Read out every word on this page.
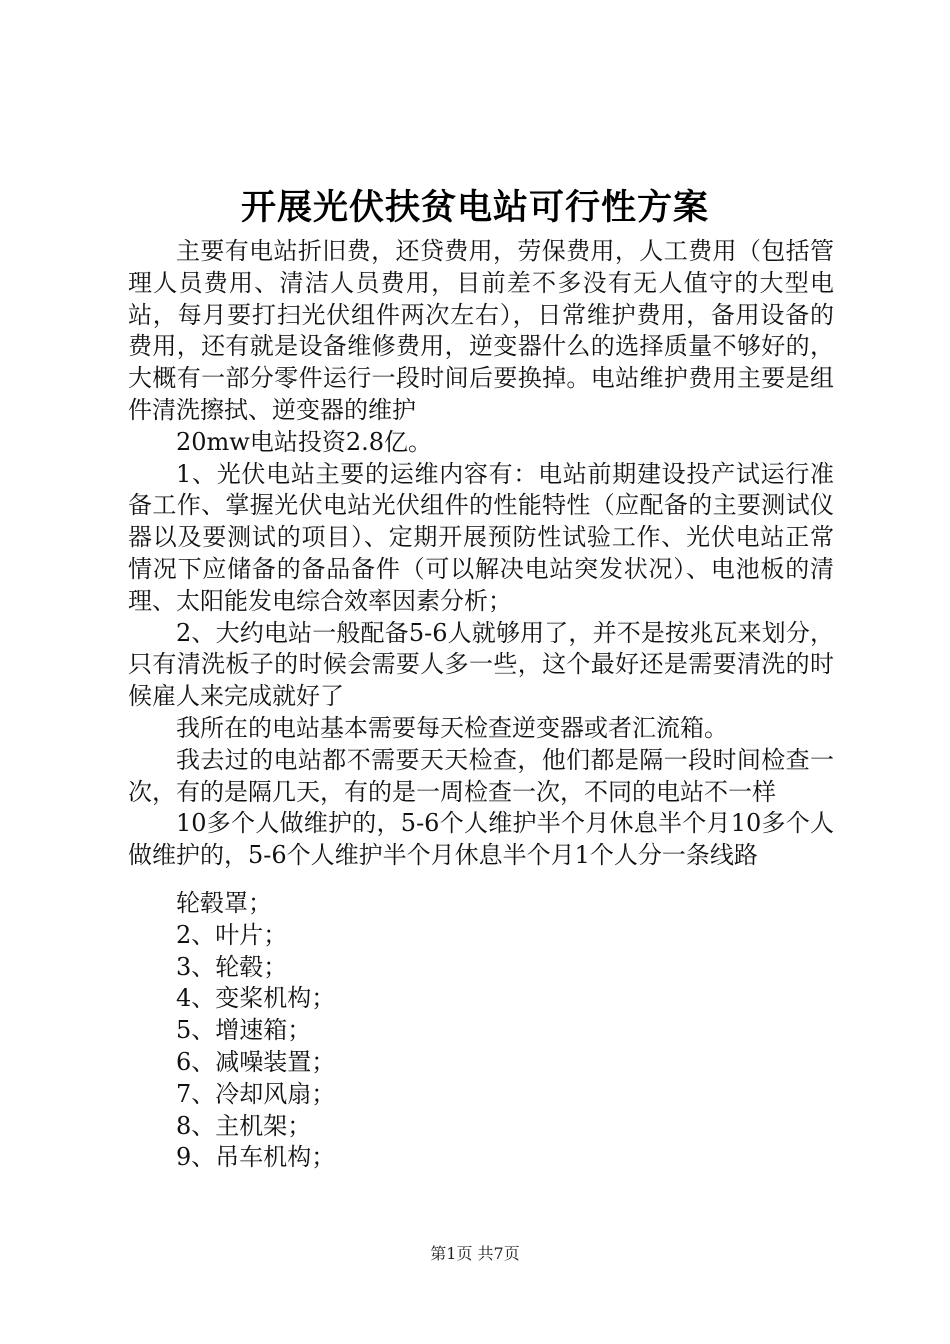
开展光伏扶贫电站可行性方案

主要有电站折旧费，还贷费用，劳保费用，人工费用（包括管理人员费用、清洁人员费用，目前差不多没有无人值守的大型电站，每月要打扫光伏组件两次左右），日常维护费用，备用设备的费用，还有就是设备维修费用，逆变器什么的选择质量不够好的，大概有一部分零件运行一段时间后要换掉。电站维护费用主要是组件清洗擦拭、逆变器的维护

20mw电站投资2.8亿。

1、光伏电站主要的运维内容有：电站前期建设投产试运行准备工作、掌握光伏电站光伏组件的性能特性（应配备的主要测试仪器以及要测试的项目）、定期开展预防性试验工作、光伏电站正常情况下应储备的备品备件（可以解决电站突发状况）、电池板的清理、太阳能发电综合效率因素分析；

2、大约电站一般配备5-6人就够用了，并不是按兆瓦来划分，只有清洗板子的时候会需要人多一些，这个最好还是需要清洗的时候雇人来完成就好了

我所在的电站基本需要每天检查逆变器或者汇流箱。

我去过的电站都不需要天天检查，他们都是隔一段时间检查一次，有的是隔几天，有的是一周检查一次，不同的电站不一样

10多个人做维护的，5-6个人维护半个月休息半个月10多个人做维护的，5-6个人维护半个月休息半个月1个人分一条线路

轮毂罩；

2、叶片；

3、轮毂；

4、变桨机构；

5、增速箱；

6、减噪装置；

7、冷却风扇；

8、主机架；

9、吊车机构；

第1页 共7页
